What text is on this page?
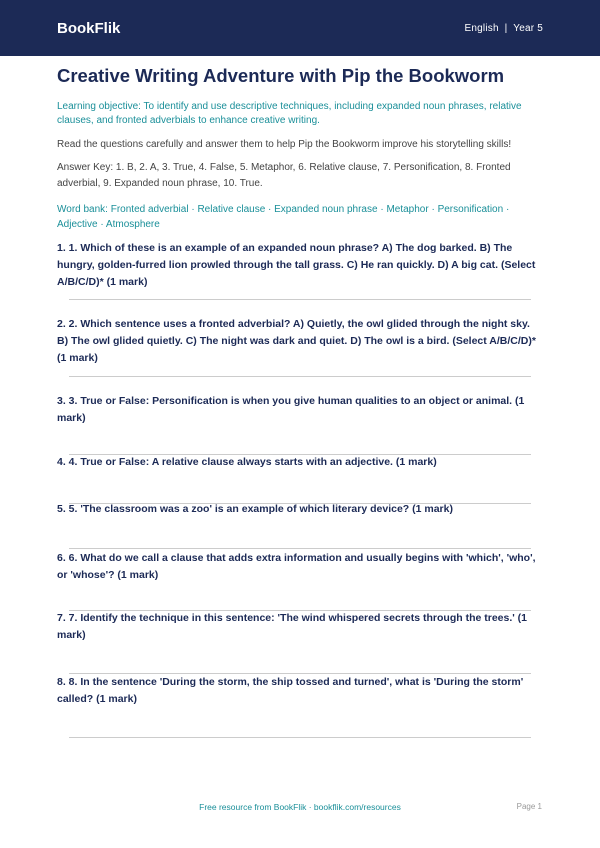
BookFlik	English  |  Year 5
Creative Writing Adventure with Pip the Bookworm
Learning objective: To identify and use descriptive techniques, including expanded noun phrases, relative clauses, and fronted adverbials to enhance creative writing.
Read the questions carefully and answer them to help Pip the Bookworm improve his storytelling skills!
Answer Key: 1. B, 2. A, 3. True, 4. False, 5. Metaphor, 6. Relative clause, 7. Personification, 8. Fronted adverbial, 9. Expanded noun phrase, 10. True.
Word bank: Fronted adverbial · Relative clause · Expanded noun phrase · Metaphor · Personification · Adjective · Atmosphere
1. 1. Which of these is an example of an expanded noun phrase? A) The dog barked. B) The hungry, golden-furred lion prowled through the tall grass. C) He ran quickly. D) A big cat. (Select A/B/C/D)* (1 mark)
2. 2. Which sentence uses a fronted adverbial? A) Quietly, the owl glided through the night sky. B) The owl glided quietly. C) The night was dark and quiet. D) The owl is a bird. (Select A/B/C/D)* (1 mark)
3. 3. True or False: Personification is when you give human qualities to an object or animal. (1 mark)
4. 4. True or False: A relative clause always starts with an adjective. (1 mark)
5. 5. 'The classroom was a zoo' is an example of which literary device? (1 mark)
6. 6. What do we call a clause that adds extra information and usually begins with 'which', 'who', or 'whose'? (1 mark)
7. 7. Identify the technique in this sentence: 'The wind whispered secrets through the trees.' (1 mark)
8. 8. In the sentence 'During the storm, the ship tossed and turned', what is 'During the storm' called? (1 mark)
Free resource from BookFlik · bookflik.com/resources	Page 1
